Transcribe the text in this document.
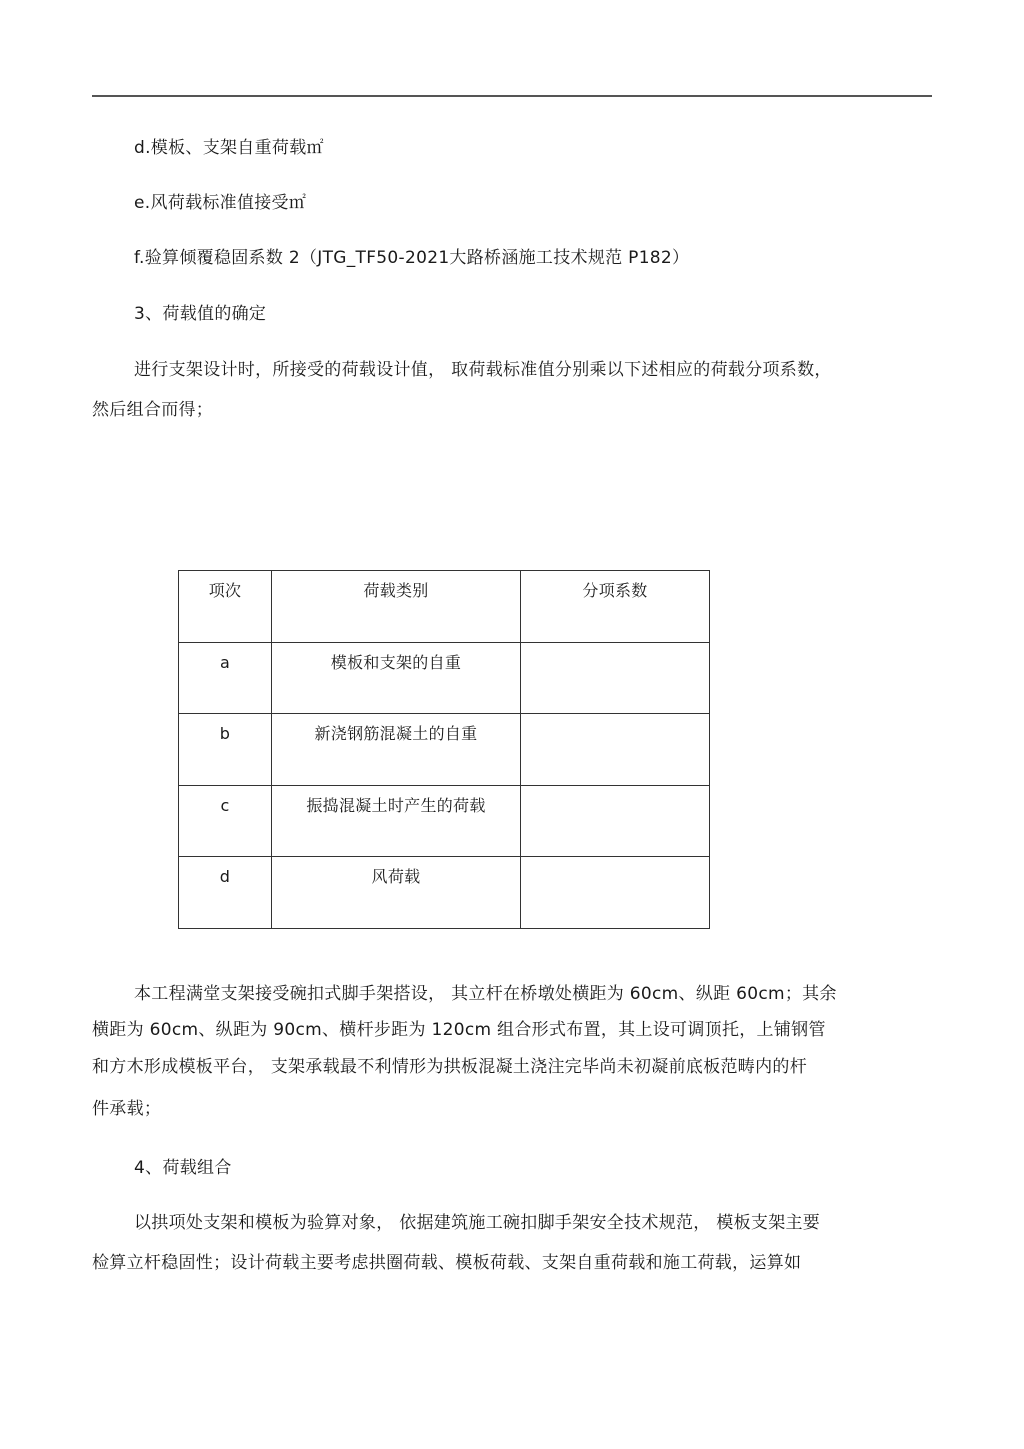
d.模板、支架自重荷载㎡
e.风荷载标准值接受㎡
f.验算倾覆稳固系数 2（JTG_TF50-2021大路桥涵施工技术规范 P182）
3、荷载值的确定
进行支架设计时，所接受的荷载设计值， 取荷载标准值分别乘以下述相应的荷载分项系数，
然后组合而得；
项次	荷载类别	分项系数
a	模板和支架的自重	
b	新浇钢筋混凝土的自重	
c	振捣混凝土时产生的荷载	
d	风荷载	
本工程满堂支架接受碗扣式脚手架搭设， 其立杆在桥墩处横距为 60cm、纵距 60cm；其余
横距为 60cm、纵距为 90cm、横杆步距为 120cm 组合形式布置，其上设可调顶托，上铺钢管
和方木形成模板平台， 支架承载最不利情形为拱板混凝土浇注完毕尚未初凝前底板范畴内的杆
件承载；
4、荷载组合
以拱项处支架和模板为验算对象， 依据建筑施工碗扣脚手架安全技术规范， 模板支架主要
检算立杆稳固性；设计荷载主要考虑拱圈荷载、模板荷载、支架自重荷载和施工荷载，运算如
